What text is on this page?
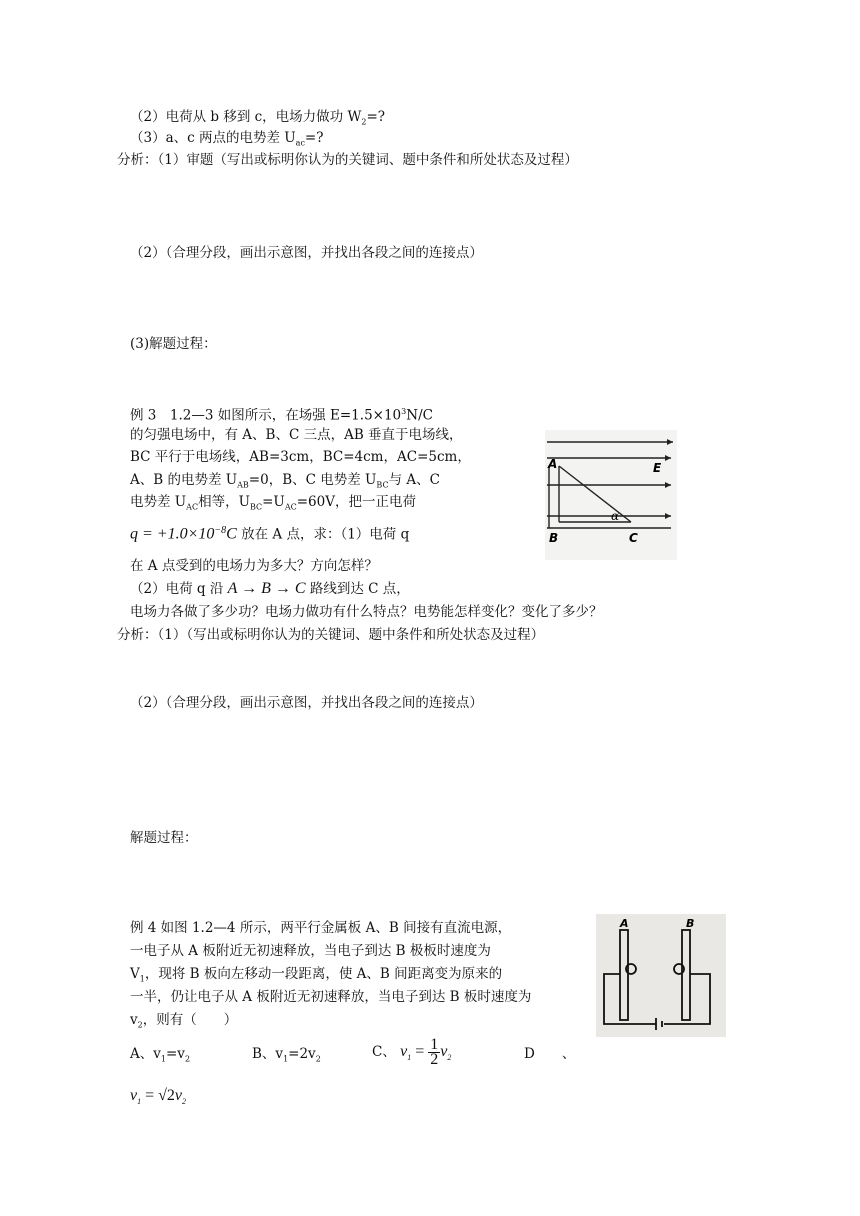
（2）电荷从 b 移到 c，电场力做功 $W_2=$?
（3）a、c 两点的电势差 $U_{ac}=$?
分析：（1）审题（写出或标明你认为的关键词、题中条件和所处状态及过程）
（2）（合理分段，画出示意图，并找出各段之间的连接点）
(3)解题过程：
例 3　1.2—3 如图所示，在场强 $E=1.5\times 10^3N/C$
的匀强电场中，有 A、B、C 三点，AB 垂直于电场线，
BC 平行于电场线，AB=3cm，BC=4cm，AC=5cm，
A、B 的电势差 $U_{AB}=0$，B、C 电势差 $U_{BC}$与 A、C
电势差 $U_{AC}$相等，$U_{BC}=U_{AC}=60V$，把一正电荷
$q = +1.0\times 10^{-8}C$ 放在 A 点，求：（1）电荷 q
在 A 点受到的电场力为多大？方向怎样？
（2）电荷 q 沿 A → B → C 路线到达 C 点，
电场力各做了多少功？电场力做功有什么特点？电势能怎样变化？变化了多少？
分析：（1）（写出或标明你认为的关键词、题中条件和所处状态及过程）
（2）（合理分段，画出示意图，并找出各段之间的连接点）
解题过程：
A
B	C
E
α
例 4 如图 1.2—4 所示，两平行金属板 A、B 间接有直流电源，
一电子从 A 板附近无初速释放，当电子到达 B 极板时速度为
$V_1$，现将 B 板向左移动一段距离，使 A、B 间距离变为原来的
一半，仍让电子从 A 板附近无初速释放，当电子到达 B 板时速度为
$v_2$，则有（　　）
A、$v_1=v_2$	B、$v_1=2v_2$	C、 $v_1 = \frac{1}{2} v_2$	D　　、
$v_1 = √2v_2$
A	B
